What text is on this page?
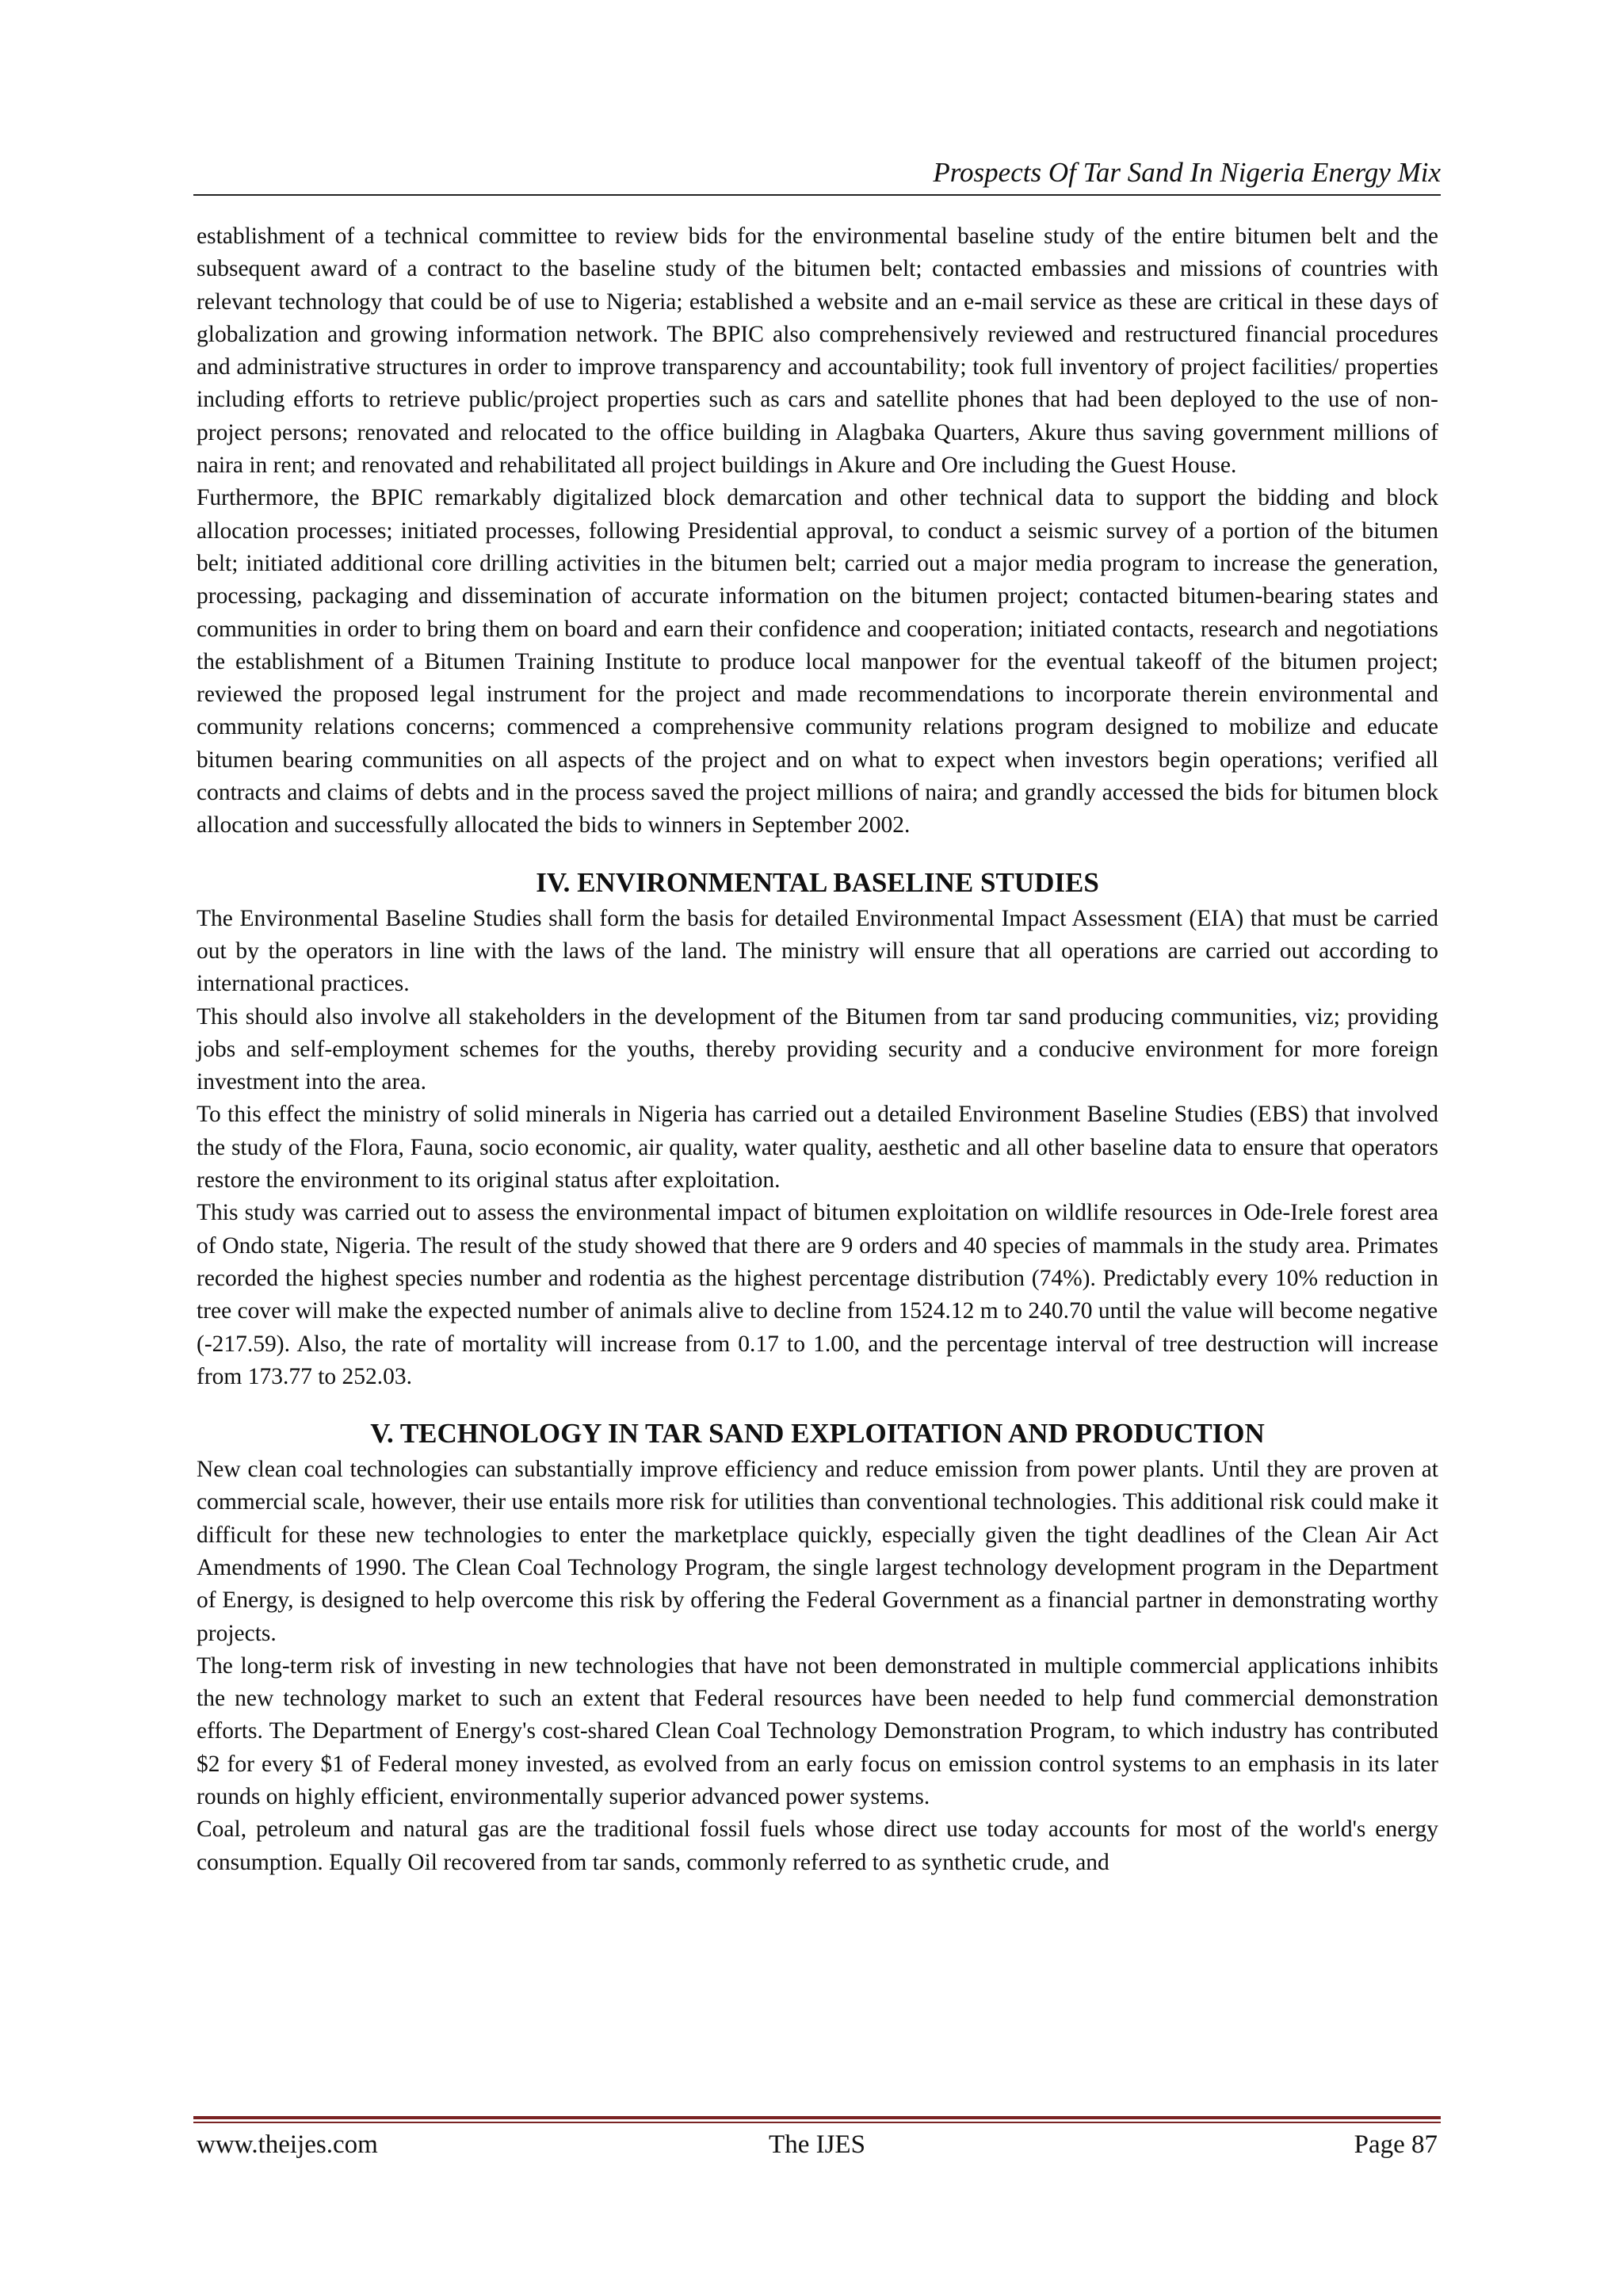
Prospects Of Tar Sand In Nigeria Energy Mix

establishment of a technical committee to review bids for the environmental baseline study of the entire bitumen belt and the subsequent award of a contract to the baseline study of the bitumen belt; contacted embassies and missions of countries with relevant technology that could be of use to Nigeria; established a website and an e-mail service as these are critical in these days of globalization and growing information network. The BPIC also comprehensively reviewed and restructured financial procedures and administrative structures in order to improve transparency and accountability; took full inventory of project facilities/ properties including efforts to retrieve public/project properties such as cars and satellite phones that had been deployed to the use of non-project persons; renovated and relocated to the office building in Alagbaka Quarters, Akure thus saving government millions of naira in rent; and renovated and rehabilitated all project buildings in Akure and Ore including the Guest House.

Furthermore, the BPIC remarkably digitalized block demarcation and other technical data to support the bidding and block allocation processes; initiated processes, following Presidential approval, to conduct a seismic survey of a portion of the bitumen belt; initiated additional core drilling activities in the bitumen belt; carried out a major media program to increase the generation, processing, packaging and dissemination of accurate information on the bitumen project; contacted bitumen-bearing states and communities in order to bring them on board and earn their confidence and cooperation; initiated contacts, research and negotiations the establishment of a Bitumen Training Institute to produce local manpower for the eventual takeoff of the bitumen project; reviewed the proposed legal instrument for the project and made recommendations to incorporate therein environmental and community relations concerns; commenced a comprehensive community relations program designed to mobilize and educate bitumen bearing communities on all aspects of the project and on what to expect when investors begin operations; verified all contracts and claims of debts and in the process saved the project millions of naira; and grandly accessed the bids for bitumen block allocation and successfully allocated the bids to winners in September 2002.

IV. ENVIRONMENTAL BASELINE STUDIES

The Environmental Baseline Studies shall form the basis for detailed Environmental Impact Assessment (EIA) that must be carried out by the operators in line with the laws of the land. The ministry will ensure that all operations are carried out according to international practices.

This should also involve all stakeholders in the development of the Bitumen from tar sand producing communities, viz; providing jobs and self-employment schemes for the youths, thereby providing security and a conducive environment for more foreign investment into the area.

To this effect the ministry of solid minerals in Nigeria has carried out a detailed Environment Baseline Studies (EBS) that involved the study of the Flora, Fauna, socio economic, air quality, water quality, aesthetic and all other baseline data to ensure that operators restore the environment to its original status after exploitation.

This study was carried out to assess the environmental impact of bitumen exploitation on wildlife resources in Ode-Irele forest area of Ondo state, Nigeria. The result of the study showed that there are 9 orders and 40 species of mammals in the study area. Primates recorded the highest species number and rodentia as the highest percentage distribution (74%). Predictably every 10% reduction in tree cover will make the expected number of animals alive to decline from 1524.12 m to 240.70 until the value will become negative

(-217.59). Also, the rate of mortality will increase from 0.17 to 1.00, and the percentage interval of tree destruction will increase from 173.77 to 252.03.

V. TECHNOLOGY IN TAR SAND EXPLOITATION AND PRODUCTION

New clean coal technologies can substantially improve efficiency and reduce emission from power plants. Until they are proven at commercial scale, however, their use entails more risk for utilities than conventional technologies. This additional risk could make it difficult for these new technologies to enter the marketplace quickly, especially given the tight deadlines of the Clean Air Act Amendments of 1990. The Clean Coal Technology Program, the single largest technology development program in the Department of Energy, is designed to help overcome this risk by offering the Federal Government as a financial partner in demonstrating worthy projects.

The long-term risk of investing in new technologies that have not been demonstrated in multiple commercial applications inhibits the new technology market to such an extent that Federal resources have been needed to help fund commercial demonstration efforts. The Department of Energy's cost-shared Clean Coal Technology Demonstration Program, to which industry has contributed $2 for every $1 of Federal money invested, as evolved from an early focus on emission control systems to an emphasis in its later rounds on highly efficient, environmentally superior advanced power systems.

Coal, petroleum and natural gas are the traditional fossil fuels whose direct use today accounts for most of the world's energy consumption. Equally Oil recovered from tar sands, commonly referred to as synthetic crude, and

www.theijes.com	The IJES	Page 87
